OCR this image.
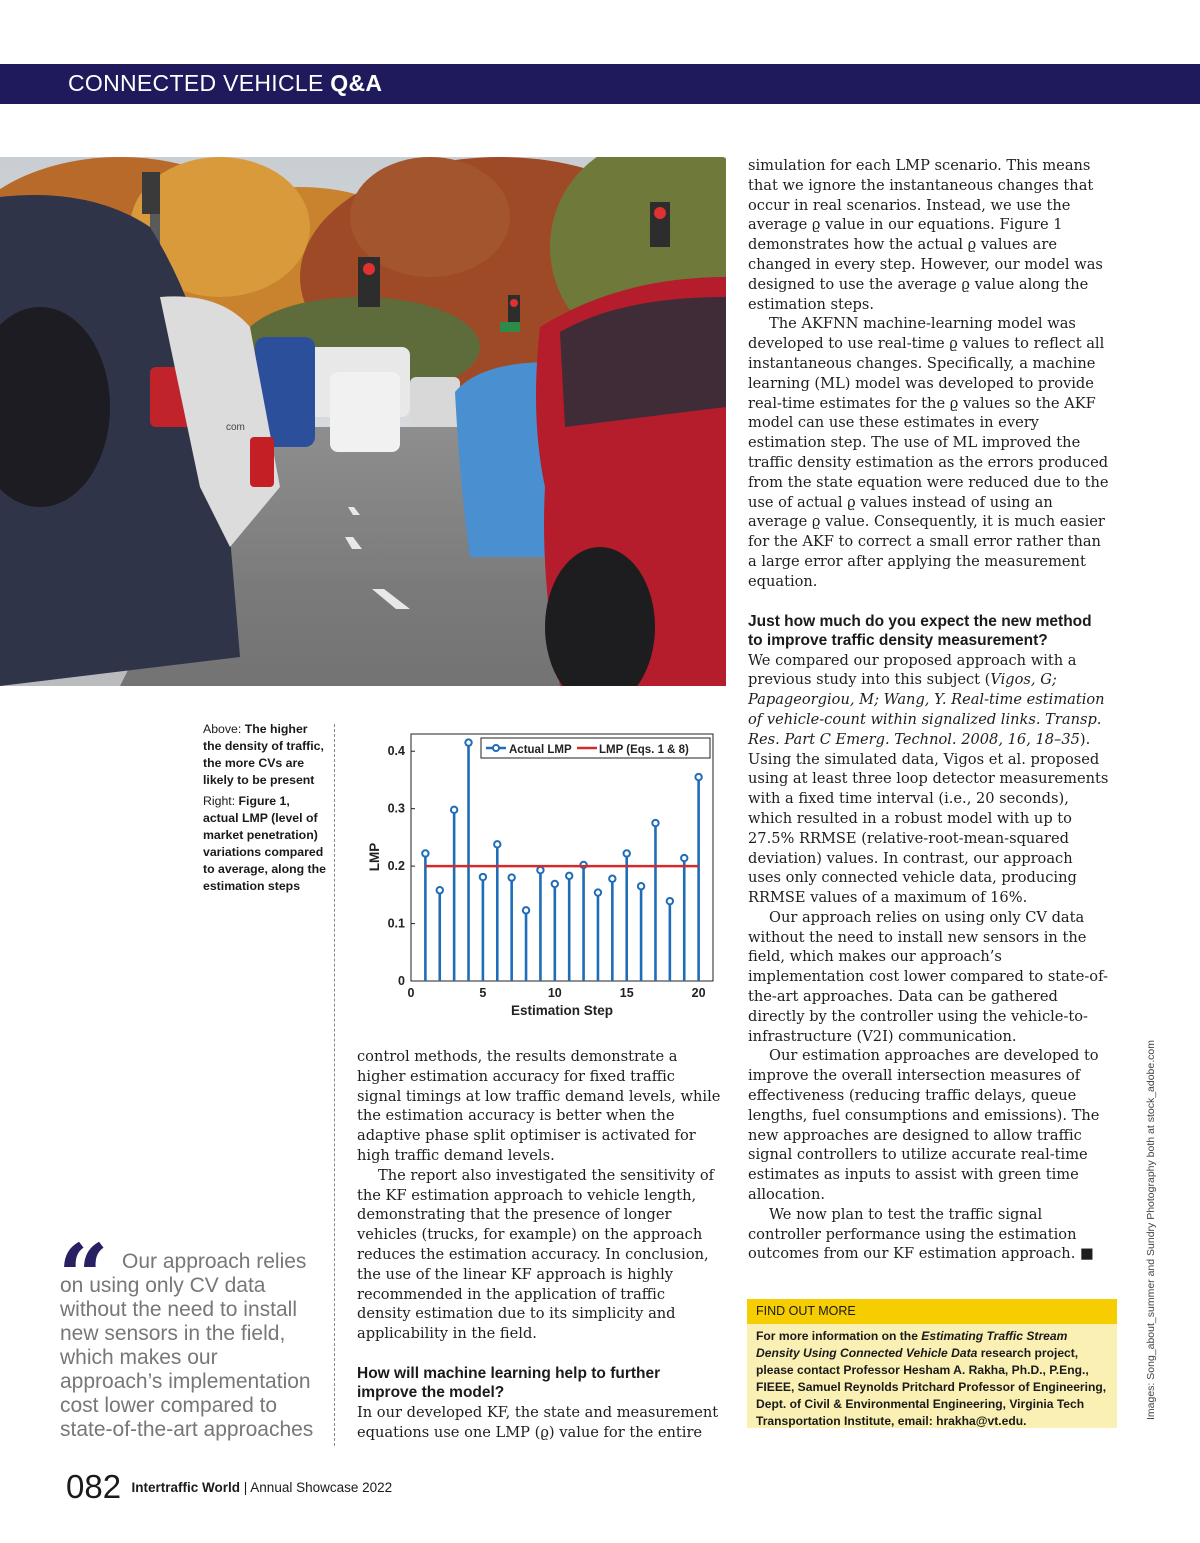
CONNECTED VEHICLE Q&A
com

simulation for each LMP scenario. This means that we ignore the instantaneous changes that occur in real scenarios. Instead, we use the average ϱ value in our equations. Figure 1 demonstrates how the actual ϱ values are changed in every step. However, our model was designed to use the average ϱ value along the estimation steps.

The AKFNN machine-learning model was developed to use real-time ϱ values to reflect all instantaneous changes. Specifically, a machine learning (ML) model was developed to provide real-time estimates for the ϱ values so the AKF model can use these estimates in every estimation step. The use of ML improved the traffic density estimation as the errors produced from the state equation were reduced due to the use of actual ϱ values instead of using an average ϱ value. Consequently, it is much easier for the AKF to correct a small error rather than a large error after applying the measurement equation.

Just how much do you expect the new method to improve traffic density measurement?

We compared our proposed approach with a previous study into this subject (Vigos, G; Papageorgiou, M; Wang, Y. Real-time estimation of vehicle-count within signalized links. Transp. Res. Part C Emerg. Technol. 2008, 16, 18–35). Using the simulated data, Vigos et al. proposed using at least three loop detector measurements with a fixed time interval (i.e., 20 seconds), which resulted in a robust model with up to 27.5% RRMSE (relative-root-mean-squared deviation) values. In contrast, our approach uses only connected vehicle data, producing RRMSE values of a maximum of 16%.

Our approach relies on using only CV data without the need to install new sensors in the field, which makes our approach’s implementation cost lower compared to state-of-the-art approaches. Data can be gathered directly by the controller using the vehicle-to-infrastructure (V2I) communication.

Our estimation approaches are developed to improve the overall intersection measures of effectiveness (reducing traffic delays, queue lengths, fuel consumptions and emissions). The new approaches are designed to allow traffic signal controllers to utilize accurate real-time estimates as inputs to assist with green time allocation.

We now plan to test the traffic signal controller performance using the estimation outcomes from our KF estimation approach. ■

Above: The higher the density of traffic, the more CVs are likely to be present

Right: Figure 1, actual LMP (level of market penetration) variations compared to average, along the estimation steps

0	5	10	15	20
0
0.1
0.2
0.3
0.4	Actual LMP LMP (Eqs. 1 & 8)
Estimation Step
LMP

control methods, the results demonstrate a higher estimation accuracy for fixed traffic signal timings at low traffic demand levels, while the estimation accuracy is better when the adaptive phase split optimiser is activated for high traffic demand levels.

The report also investigated the sensitivity of the KF estimation approach to vehicle length, demonstrating that the presence of longer vehicles (trucks, for example) on the approach reduces the estimation accuracy. In conclusion, the use of the linear KF approach is highly recommended in the application of traffic density estimation due to its simplicity and applicability in the field.

How will machine learning help to further improve the model?

In our developed KF, the state and measurement equations use one LMP (ϱ) value for the entire

“ Our approach relies on using only CV data without the need to install new sensors in the field, which makes our approach’s implementation cost lower compared to state-of-the-art approaches
FIND OUT MORE
For more information on the Estimating Traffic Stream Density Using Connected Vehicle Data research project, please contact Professor Hesham A. Rakha, Ph.D., P.Eng., FIEEE, Samuel Reynolds Pritchard Professor of Engineering, Dept. of Civil & Environmental Engineering, Virginia Tech Transportation Institute, email: hrakha@vt.edu.
Images: Song_about_summer and Sundry Photography both at stock_adobe.com
082 Intertraffic World | Annual Showcase 2022
